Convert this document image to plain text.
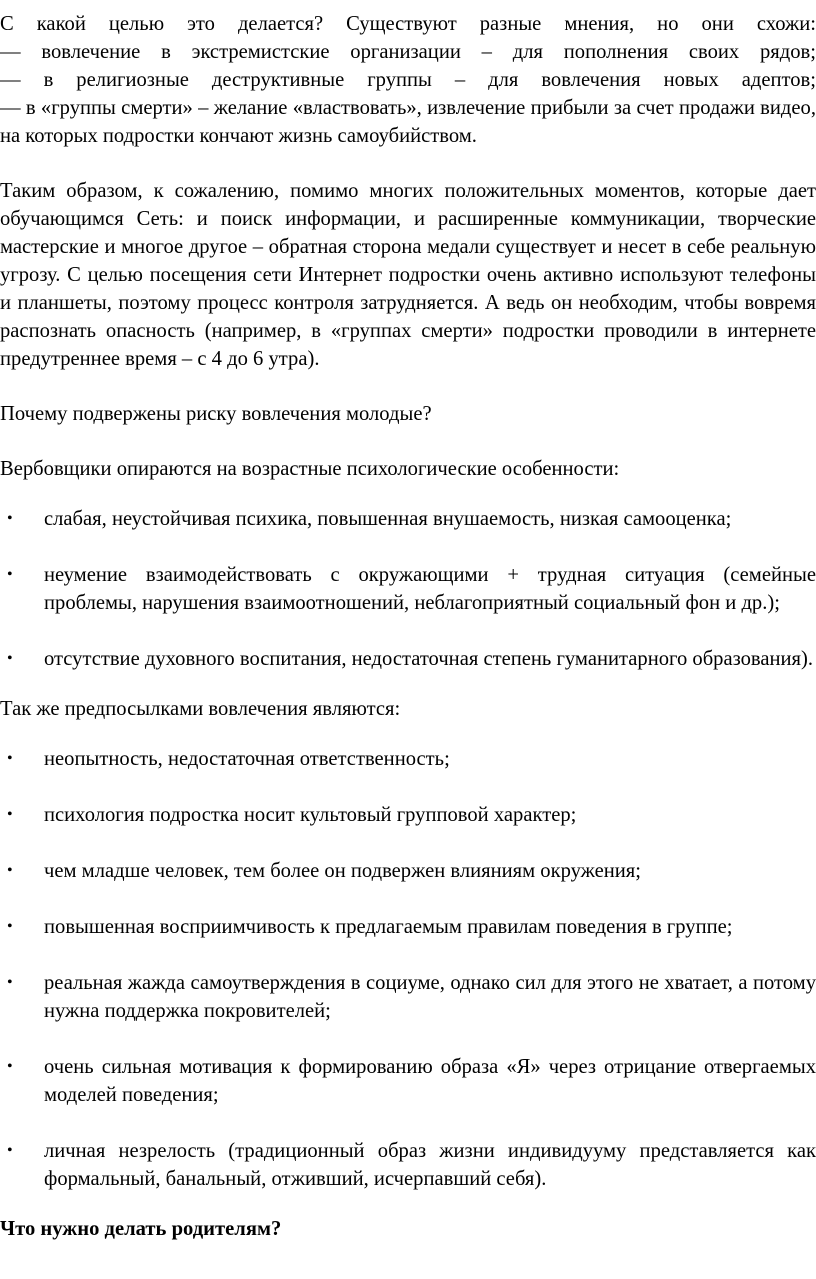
С какой целью это делается? Существуют разные мнения, но они схожи:

— вовлечение в экстремистские организации – для пополнения своих рядов;

— в религиозные деструктивные группы – для вовлечения новых адептов;

— в «группы смерти» – желание «властвовать», извлечение прибыли за счет продажи видео, на которых подростки кончают жизнь самоубийством.

Таким образом, к сожалению, помимо многих положительных моментов, которые дает обучающимся Сеть: и поиск информации, и расширенные коммуникации, творческие мастерские и многое другое – обратная сторона медали существует и несет в себе реальную угрозу. С целью посещения сети Интернет подростки очень активно используют телефоны и планшеты, поэтому процесс контроля затрудняется. А ведь он необходим, чтобы вовремя распознать опасность (например, в «группах смерти» подростки проводили в интернете предутреннее время – с 4 до 6 утра).

Почему подвержены риску вовлечения молодые?

Вербовщики опираются на возрастные психологические особенности:

• слабая, неустойчивая психика, повышенная внушаемость, низкая самооценка;
• неумение взаимодействовать с окружающими + трудная ситуация (семейные проблемы, нарушения взаимоотношений, неблагоприятный социальный фон и др.);
• отсутствие духовного воспитания, недостаточная степень гуманитарного образования).

Так же предпосылками вовлечения являются:

• неопытность, недостаточная ответственность;
• психология подростка носит культовый групповой характер;
• чем младше человек, тем более он подвержен влияниям окружения;
• повышенная восприимчивость к предлагаемым правилам поведения в группе;
• реальная жажда самоутверждения в социуме, однако сил для этого не хватает, а потому нужна поддержка покровителей;
• очень сильная мотивация к формированию образа «Я» через отрицание отвергаемых моделей поведения;
• личная незрелость (традиционный образ жизни индивидууму представляется как формальный, банальный, отживший, исчерпавший себя).

Что нужно делать родителям?
